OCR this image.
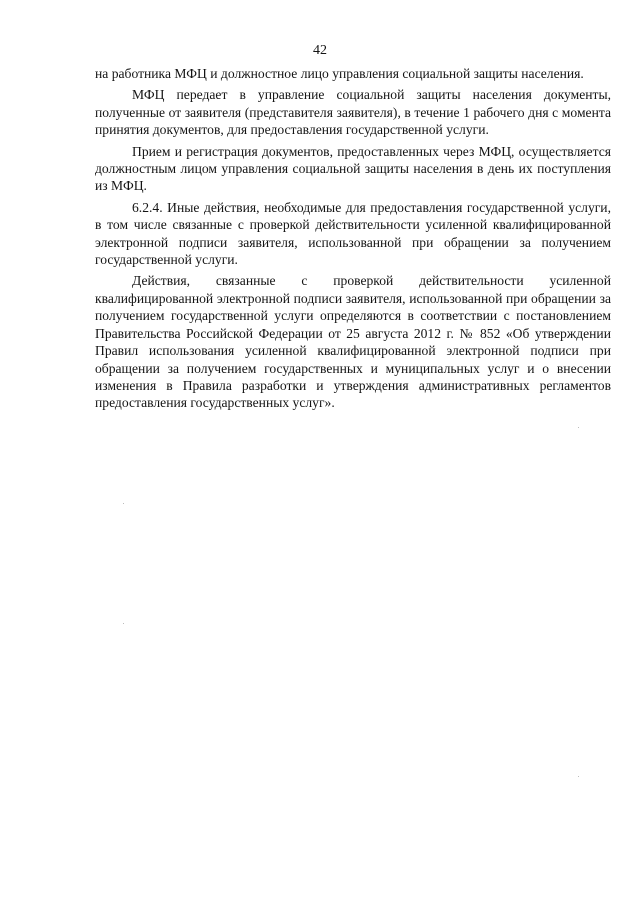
42

на работника МФЦ и должностное лицо управления социальной защиты населения.

МФЦ передает в управление социальной защиты населения документы, полученные от заявителя (представителя заявителя), в течение 1 рабочего дня с момента принятия документов, для предоставления государственной услуги.

Прием и регистрация документов, предоставленных через МФЦ, осуществляется должностным лицом управления социальной защиты населения в день их поступления из МФЦ.

6.2.4. Иные действия, необходимые для предоставления государственной услуги, в том числе связанные с проверкой действительности усиленной квалифицированной электронной подписи заявителя, использованной при обращении за получением государственной услуги.

Действия, связанные с проверкой действительности усиленной квалифицированной электронной подписи заявителя, использованной при обращении за получением государственной услуги определяются в соответствии с постановлением Правительства Российской Федерации от 25 августа 2012 г. № 852 «Об утверждении Правил использования усиленной квалифицированной электронной подписи при обращении за получением государственных и муниципальных услуг и о внесении изменения в Правила разработки и утверждения административных регламентов предоставления государственных услуг».
